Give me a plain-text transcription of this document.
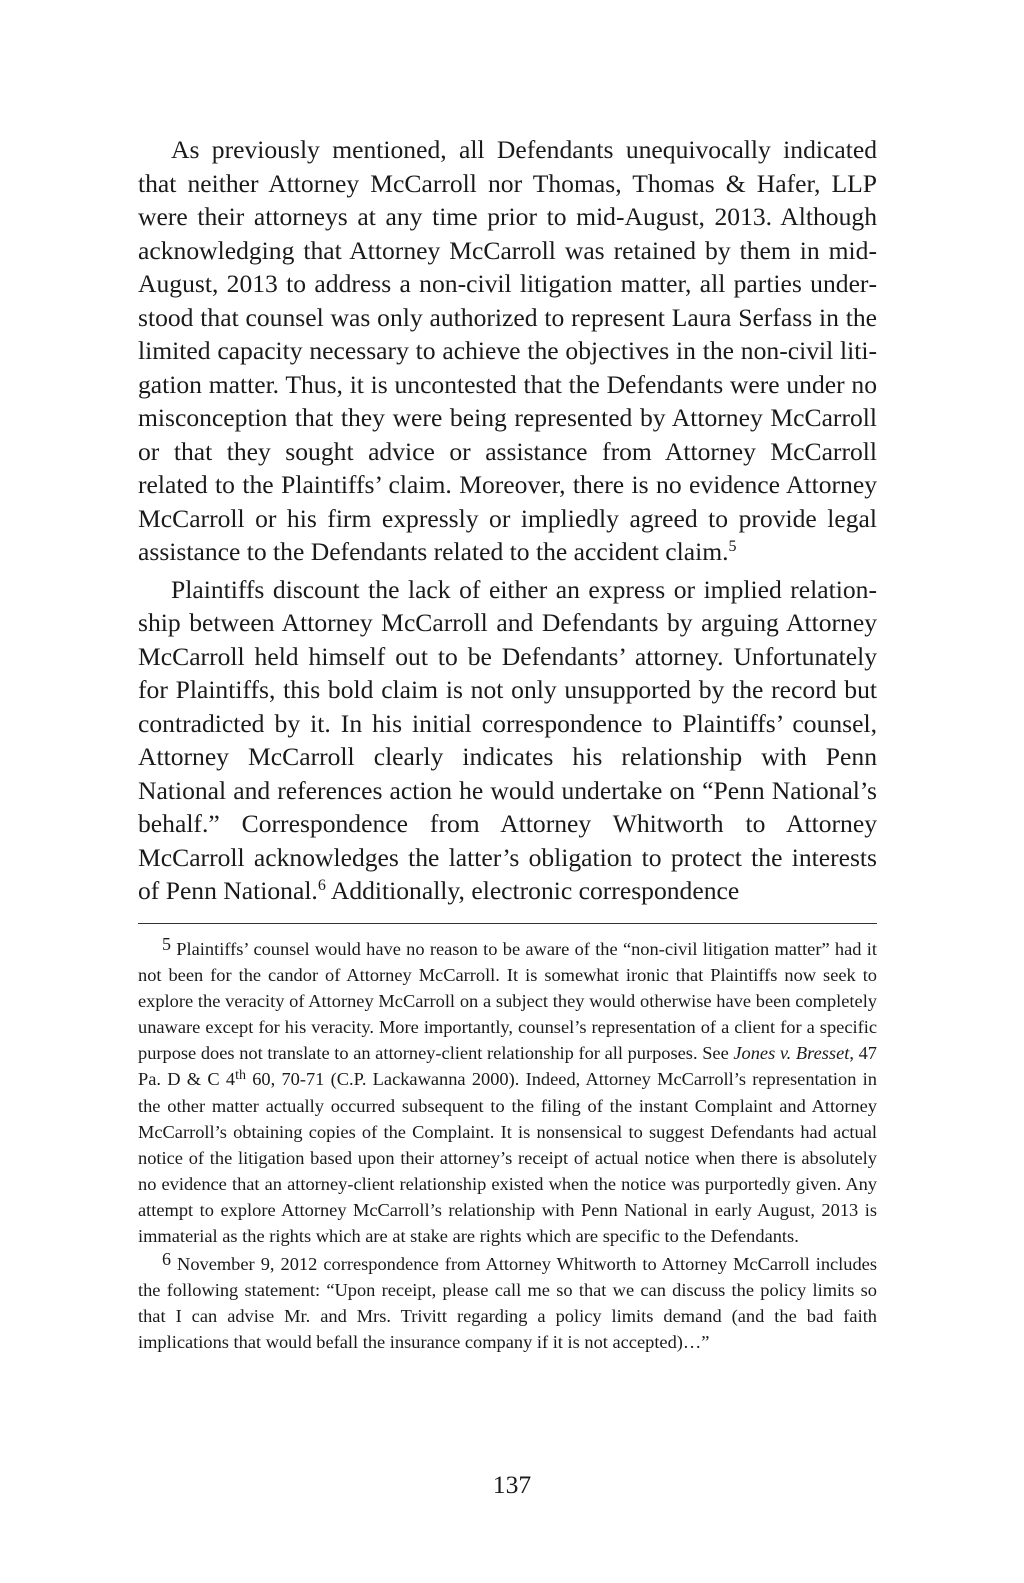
As previously mentioned, all Defendants unequivocally indicated that neither Attorney McCarroll nor Thomas, Thomas & Hafer, LLP were their attorneys at any time prior to mid-August, 2013. Although acknowledging that Attorney McCarroll was retained by them in mid-August, 2013 to address a non-civil litigation matter, all parties understood that counsel was only authorized to represent Laura Serfass in the limited capacity necessary to achieve the objectives in the non-civil litigation matter. Thus, it is uncontested that the Defendants were under no misconception that they were being represented by Attorney McCarroll or that they sought advice or assistance from Attorney McCarroll related to the Plaintiffs’ claim. Moreover, there is no evidence Attorney McCarroll or his firm expressly or impliedly agreed to provide legal assistance to the Defendants related to the accident claim.$^5$

Plaintiffs discount the lack of either an express or implied relationship between Attorney McCarroll and Defendants by arguing Attorney McCarroll held himself out to be Defendants’ attorney. Unfortunately for Plaintiffs, this bold claim is not only unsupported by the record but contradicted by it. In his initial correspondence to Plaintiffs’ counsel, Attorney McCarroll clearly indicates his relationship with Penn National and references action he would undertake on “Penn National’s behalf.” Correspondence from Attorney Whitworth to Attorney McCarroll acknowledges the latter’s obligation to protect the interests of Penn National.$^6$ Additionally, electronic correspondence

5 Plaintiffs’ counsel would have no reason to be aware of the “non-civil litigation matter” had it not been for the candor of Attorney McCarroll. It is somewhat ironic that Plaintiffs now seek to explore the veracity of Attorney McCarroll on a subject they would otherwise have been completely unaware except for his veracity. More importantly, counsel’s representation of a client for a specific purpose does not translate to an attorney-client relationship for all purposes. See Jones v. Bresset, 47 Pa. D & C 4th 60, 70-71 (C.P. Lackawanna 2000). Indeed, Attorney McCarroll’s representation in the other matter actually occurred subsequent to the filing of the instant Complaint and Attorney McCarroll’s obtaining copies of the Complaint. It is nonsensical to suggest Defendants had actual notice of the litigation based upon their attorney’s receipt of actual notice when there is absolutely no evidence that an attorney-client relationship existed when the notice was purportedly given. Any attempt to explore Attorney McCarroll’s relationship with Penn National in early August, 2013 is immaterial as the rights which are at stake are rights which are specific to the Defendants.

6 November 9, 2012 correspondence from Attorney Whitworth to Attorney McCarroll includes the following statement: “Upon receipt, please call me so that we can discuss the policy limits so that I can advise Mr. and Mrs. Trivitt regarding a policy limits demand (and the bad faith implications that would befall the insurance company if it is not accepted)…”

137
